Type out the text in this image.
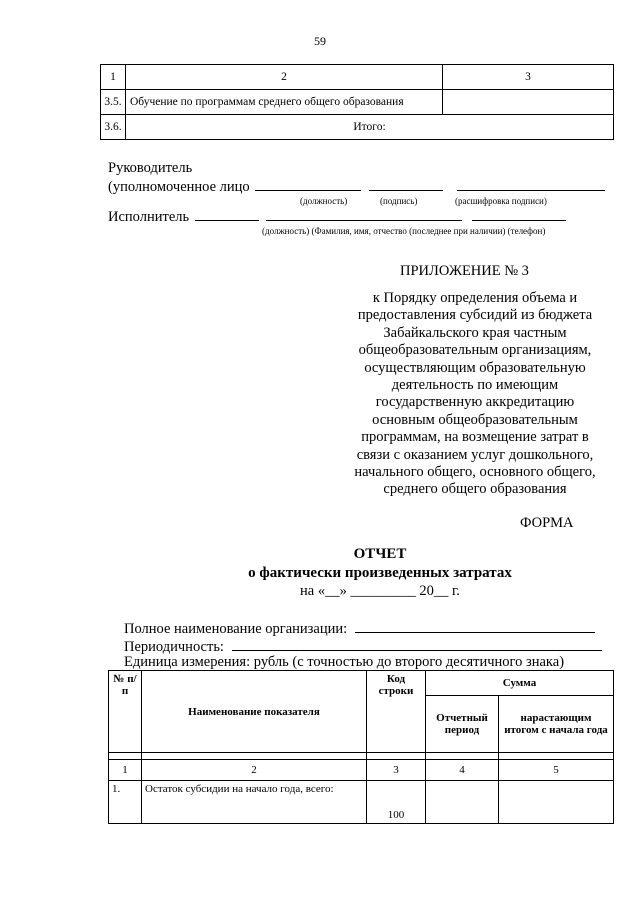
59
1	2	3
3.5.	Обучение по программам среднего общего образования	
3.6.	Итого:	
Руководитель
(уполномоченное лицо
(должность)	(подпись)	(расшифровка подписи)
Исполнитель
(должность) (Фамилия, имя, отчество (последнее при наличии) (телефон)
ПРИЛОЖЕНИЕ № 3
к Порядку определения объема и
предоставления субсидий из бюджета
Забайкальского края частным
общеобразовательным организациям,
осуществляющим образовательную
деятельность по имеющим
государственную аккредитацию
основным общеобразовательным
программам, на возмещение затрат в
связи с оказанием услуг дошкольного,
начального общего, основного общего,
среднего общего образования
ФОРМА
ОТЧЕТ
о фактически произведенных затратах
на «__» _________ 20__ г.
Полное наименование организации:
Периодичность:
Единица измерения: рубль (с точностью до второго десятичного знака)
№ п/п	Наименование показателя	Код строки	Сумма	
			Отчетный период	нарастающим итогом с начала года

1	2	3	4	5
1.	Остаток субсидии на начало года, всего:	100		
